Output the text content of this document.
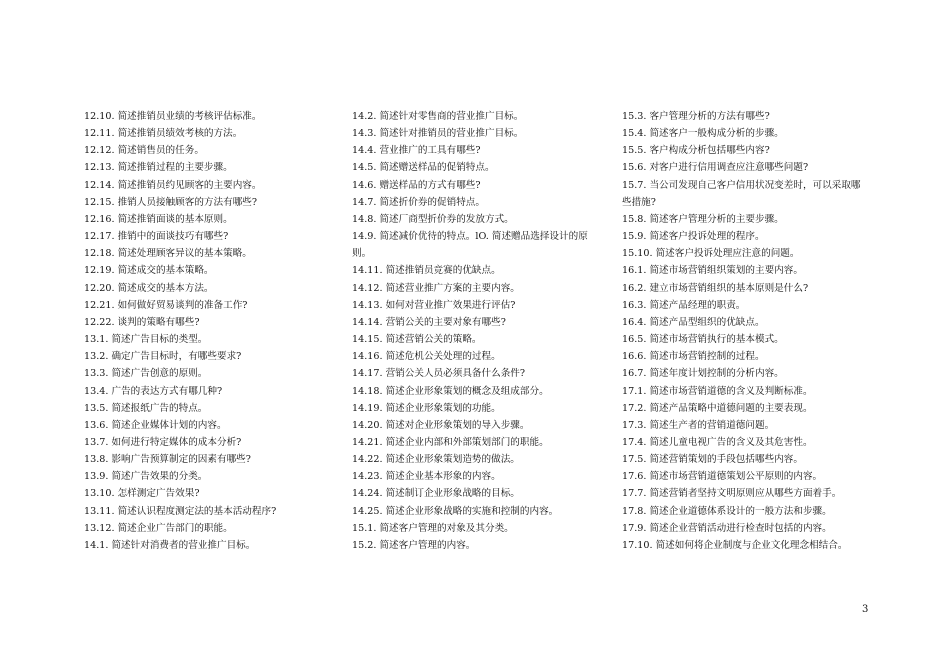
12.10. 简述推销员业绩的考核评估标准。
12.11. 简述推销员绩效考核的方法。
12.12. 简述销售员的任务。
12.13. 简述推销过程的主要步骤。
12.14. 简述推销员约见顾客的主要内容。
12.15. 推销人员接触顾客的方法有哪些?
12.16. 简述推销面谈的基本原则。
12.17. 推销中的面谈技巧有哪些?
12.18. 简述处理顾客异议的基本策略。
12.19. 简述成交的基本策略。
12.20. 简述成交的基本方法。
12.21. 如何做好贸易谈判的准备工作?
12.22. 谈判的策略有哪些?
13.1. 简述广告目标的类型。
13.2. 确定广告目标时，有哪些要求?
13.3. 简述广告创意的原则。
13.4. 广告的表达方式有哪几种?
13.5. 简述报纸广告的特点。
13.6. 简述企业媒体计划的内容。
13.7. 如何进行特定媒体的成本分析?
13.8. 影响广告预算制定的因素有哪些?
13.9. 简述广告效果的分类。
13.10. 怎样测定广告效果?
13.11. 简述认识程度测定法的基本活动程序?
13.12. 简述企业广告部门的职能。
14.1. 简述针对消费者的营业推广目标。
14.2. 简述针对零售商的营业推广目标。
14.3. 简述针对推销员的营业推广目标。
14.4. 营业推广的工具有哪些?
14.5. 简述赠送样品的促销特点。
14.6. 赠送样品的方式有哪些?
14.7. 简述折价券的促销特点。
14.8. 简述厂商型折价券的发放方式。
14.9. 简述减价优待的特点。lO. 简述赠品选择设计的原
则。
14.11. 简述推销员竞赛的优缺点。
14.12. 简述营业推广方案的主要内容。
14.13. 如何对营业推广效果进行评估?
14.14. 营销公关的主要对象有哪些?
14.15. 简述营销公关的策略。
14.16. 简述危机公关处理的过程。
14.17. 营销公关人员必须具备什么条件?
14.18. 简述企业形象策划的概念及组成部分。
14.19. 简述企业形象策划的功能。
14.20. 简述对企业形象策划的导入步骤。
14.21. 简述企业内部和外部策划部门的职能。
14.22. 简述企业形象策划造势的做法。
14.23. 简述企业基本形象的内容。
14.24. 简述制订企业形象战略的目标。
14.25. 简述企业形象战略的实施和控制的内容。
15.1. 简述客户管理的对象及其分类。
15.2. 简述客户管理的内容。
15.3. 客户管理分析的方法有哪些?
15.4. 简述客户一般构成分析的步骤。
15.5. 客户构成分析包括哪些内容?
15.6. 对客户进行信用调查应注意哪些问题?
15.7. 当公司发现自己客户信用状况变差时，可以采取哪
些措施?
15.8. 简述客户管理分析的主要步骤。
15.9. 简述客户投诉处理的程序。
15.10. 简述客户投诉处理应注意的问题。
16.1. 简述市场营销组织策划的主要内容。
16.2. 建立市场营销组织的基本原则是什么?
16.3. 简述产品经理的职责。
16.4. 简述产品型组织的优缺点。
16.5. 简述市场营销执行的基本模式。
16.6. 简述市场营销控制的过程。
16.7. 简述年度计划控制的分析内容。
17.1. 简述市场营销道德的含义及判断标准。
17.2. 简述产品策略中道德问题的主要表现。
17.3. 简述生产者的营销道德问题。
17.4. 简述儿童电视广告的含义及其危害性。
17.5. 简述营销策划的手段包括哪些内容。
17.6. 简述市场营销道德策划公平原则的内容。
17.7. 简述营销者坚持文明原则应从哪些方面着手。
17.8. 简述企业道德体系设计的一般方法和步骤。
17.9. 简述企业营销活动进行检查时包括的内容。
17.10. 简述如何将企业制度与企业文化理念相结合。
3
